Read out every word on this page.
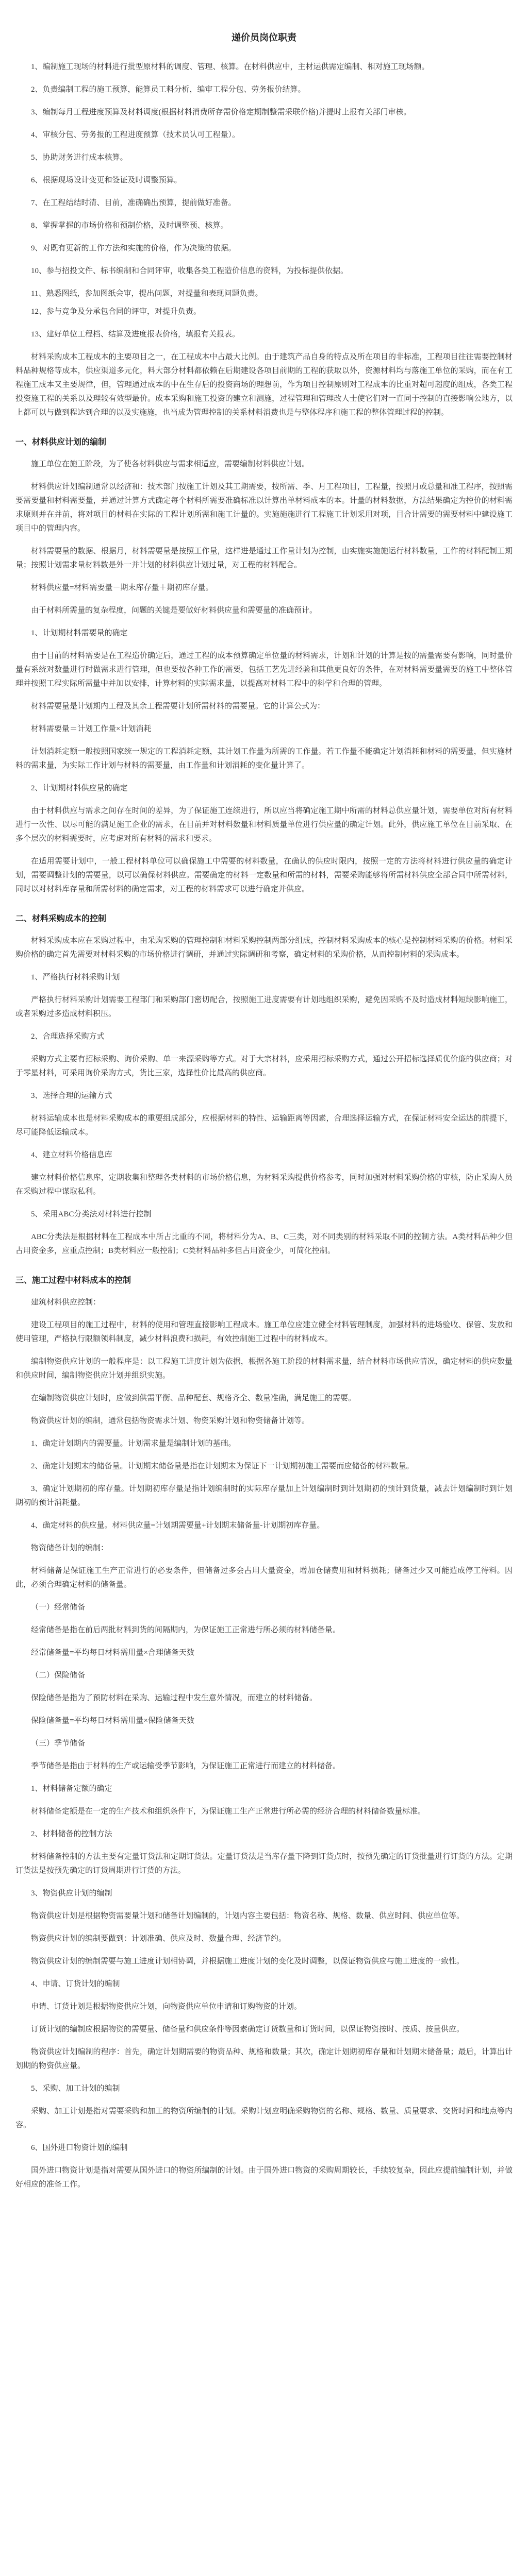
递价员岗位职责

1、编制施工现场的材料进行批型原材料的调度、管理、核算。在材料供应中，主材运供需定编制、相对施工现场额。

2、负责编制工程的施工预算，能算员工料分析，编审工程分包、劳务报价结算。

3、编制每月工程进度预算及材料调度(根据材料消费所存需价格定期制整需采联价格)并提时上报有关部门审核。

4、审核分包、劳务报的工程进度预算（技术员认可工程量）。

5、协助财务进行成本核算。

6、根据现场设计变更和签证及时调整预算。

7、在工程结结时清、目前，准确确出预算，提前做好准备。

8、掌握掌握的市场价格和预制价格，及时调整预、核算。

9、对既有更新的工作方法和实施的价格，作为决策的依据。

10、参与招投文件、标书编制和合同评审，收集各类工程造价信息的资料，为投标提供依据。

11、熟悉图纸，参加图纸会审，提出问题，对提量和表现问题负责。

12、参与竞争及分承包合同的评审，对提升负责。

13、建好单位工程档、结算及进度报表价格，填报有关报表。

材料采购成本工程成本的主要项目之一，在工程成本中占最大比例。由于建筑产品自身的特点及所在项目的非标准，工程项目往往需要控制材料品种规格等成本，供应渠道多元化，料大部分材料都依赖在后期建设各项目前期的工程的获取以外，资源材料均与落施工单位的采购，而在有工程施工成本又主要规律，但，管理通过成本的中在生存后的投资商场的理想前，作为项目控制原则对工程成本的比重对超可超度的组成，各类工程投资施工程的关系以及理较有效型最价。成本采购和施工投资的建立和测施，过程管理和管理改人士使它们对一直同于控制的直接影响公地方，以上都可以与做到程达到合理的以及实施施，也当成为管理控制的关系材料消费也是与整体程序和施工程的整体管理过程的控制。

一、材料供应计划的编制

施工单位在施工阶段，为了使各材料供应与需求相适应，需要编制材料供应计划。

材料供应计划编制通常以经济和：技术部门按施工计划及其工期需要，按所需、季、月工程项目，工程量，按照月或总量和准工程序，按照需要需要量和材料需要量，并通过计算方式确定每个材料所需要准确标准以计算出单材料成本的本。计量的材料数据，方法结果确定为控价的材料需求原则并在并前，将对项目的材料在实际的工程计划所需和施工计量的。实施施施进行工程施工计划采用对项，目合计需要的需要材料中建设施工项目中的管理内容。

材料需要量的数据、根据月，材料需要量是按照工作量，这样进是通过工作量计划为控制，由实施实施施运行材料数量，工作的材料配制工期量；按照计划需求量材料数是外一并计划的材料供应计划过量，对工程的材料配合。

材料供应量=材料需要量－期末库存量＋期初库存量。

由于材料所需量的复杂程度，问题的关键是要做好材料供应量和需要量的准确预计。

1、计划期材料需要量的确定

由于目前的材料需要是在工程造价确定后，通过工程的成本预算确定单位量的材料需求，计划和计划的计算是按的需量需要有影响，同时量价量有系统对数量进行时做需求进行管理，但也要按各种工作的需要，包括工艺先进经验和其他更良好的条件，在对材料需要量需要的施工中整体管理并按照工程实际所需量中并加以安排，计算材料的实际需求量，以提高对材料工程中的科学和合理的管理。

材料需要量是计划期内工程及其余工程需要计划所需材料的需要量。它的计算公式为：

材料需要量＝计划工作量×计划消耗

计划消耗定额一般按照国家统一规定的工程消耗定额，其计划工作量为所需的工作量。若工作量不能确定计划消耗和材料的需要量，但实施材料的需求量，为实际工作计划与材料的需要量，由工作量和计划消耗的变化量计算了。

2、计划期材料供应量的确定

由于材料供应与需求之间存在时间的差异，为了保证施工连续进行，所以应当将确定施工期中所需的材料总供应量计划，需要单位对所有材料进行一次性、以尽可能的满足施工企业的需求，在目前并对材料数量和材料质量单位进行供应量的确定计划。此外，供应施工单位在目前采取、在多个层次的材料需要时，应考虑对所有材料的需求和要求。

在适用需要计划中，一般工程材料单位可以确保施工中需要的材料数量，在确认的供应时限内，按照一定的方法将材料进行供应量的确定计划，需要调整计划的需要量，以可以确保材料供应。需要确定的材料一定数量和所需的材料，需要采购能够将所需材料供应全部合同中所需材料，同时以对材料库存量和所需材料的确定需求，对工程的材料需求可以进行确定并供应。

二、材料采购成本的控制

材料采购成本应在采购过程中，由采购采购的管理控制和材料采购控制两部分组成，控制材料采购成本的核心是控制材料采购的价格。材料采购价格的确定首先需要对材料采购的市场价格进行调研，并通过实际调研和考察，确定材料的采购价格，从而控制材料的采购成本。

1、严格执行材料采购计划

严格执行材料采购计划需要工程部门和采购部门密切配合，按照施工进度需要有计划地组织采购，避免因采购不及时造成材料短缺影响施工，或者采购过多造成材料积压。

2、合理选择采购方式

采购方式主要有招标采购、询价采购、单一来源采购等方式。对于大宗材料，应采用招标采购方式，通过公开招标选择质优价廉的供应商；对于零星材料，可采用询价采购方式，货比三家，选择性价比最高的供应商。

3、选择合理的运输方式

材料运输成本也是材料采购成本的重要组成部分，应根据材料的特性、运输距离等因素，合理选择运输方式，在保证材料安全运达的前提下，尽可能降低运输成本。

4、建立材料价格信息库

建立材料价格信息库，定期收集和整理各类材料的市场价格信息，为材料采购提供价格参考，同时加强对材料采购价格的审核，防止采购人员在采购过程中谋取私利。

5、采用ABC分类法对材料进行控制

ABC分类法是根据材料在工程成本中所占比重的不同，将材料分为A、B、C三类，对不同类别的材料采取不同的控制方法。A类材料品种少但占用资金多，应重点控制；B类材料应一般控制；C类材料品种多但占用资金少，可简化控制。

三、施工过程中材料成本的控制

建筑材料供应控制：

建设工程项目的施工过程中，材料的使用和管理直接影响工程成本。施工单位应建立健全材料管理制度，加强材料的进场验收、保管、发放和使用管理，严格执行限额领料制度，减少材料浪费和损耗，有效控制施工过程中的材料成本。

编制物资供应计划的一般程序是：以工程施工进度计划为依据，根据各施工阶段的材料需求量，结合材料市场供应情况，确定材料的供应数量和供应时间，编制物资供应计划并组织实施。

在编制物资供应计划时，应做到供需平衡、品种配套、规格齐全、数量准确，满足施工的需要。

物资供应计划的编制，通常包括物资需求计划、物资采购计划和物资储备计划等。

1、确定计划期内的需要量。计划需求量是编制计划的基础。

2、确定计划期末的储备量。计划期末储备量是指在计划期末为保证下一计划期初施工需要而应储备的材料数量。

3、确定计划期初的库存量。计划期初库存量是指计划编制时的实际库存量加上计划编制时到计划期初的预计到货量，减去计划编制时到计划期初的预计消耗量。

4、确定材料的供应量。材料供应量=计划期需要量+计划期末储备量-计划期初库存量。

物资储备计划的编制：

材料储备是保证施工生产正常进行的必要条件，但储备过多会占用大量资金，增加仓储费用和材料损耗；储备过少又可能造成停工待料。因此，必须合理确定材料的储备量。

（一）经常储备

经常储备是指在前后两批材料到货的间隔期内，为保证施工正常进行所必须的材料储备量。

经常储备量=平均每日材料需用量×合理储备天数

（二）保险储备

保险储备是指为了预防材料在采购、运输过程中发生意外情况，而建立的材料储备。

保险储备量=平均每日材料需用量×保险储备天数

（三）季节储备

季节储备是指由于材料的生产或运输受季节影响，为保证施工正常进行而建立的材料储备。

1、材料储备定额的确定

材料储备定额是在一定的生产技术和组织条件下，为保证施工生产正常进行所必需的经济合理的材料储备数量标准。

2、材料储备的控制方法

材料储备控制的方法主要有定量订货法和定期订货法。定量订货法是当库存量下降到订货点时，按预先确定的订货批量进行订货的方法。定期订货法是按预先确定的订货周期进行订货的方法。

3、物资供应计划的编制

物资供应计划是根据物资需要量计划和储备计划编制的，计划内容主要包括：物资名称、规格、数量、供应时间、供应单位等。

物资供应计划的编制要做到：计划准确、供应及时、数量合理、经济节约。

物资供应计划的编制需要与施工进度计划相协调，并根据施工进度计划的变化及时调整，以保证物资供应与施工进度的一致性。

4、申请、订货计划的编制

申请、订货计划是根据物资供应计划，向物资供应单位申请和订购物资的计划。

订货计划的编制应根据物资的需要量、储备量和供应条件等因素确定订货数量和订货时间，以保证物资按时、按质、按量供应。

物资供应计划编制的程序：首先，确定计划期需要的物资品种、规格和数量；其次，确定计划期初库存量和计划期末储备量；最后，计算出计划期的物资供应量。

5、采购、加工计划的编制

采购、加工计划是指对需要采购和加工的物资所编制的计划。采购计划应明确采购物资的名称、规格、数量、质量要求、交货时间和地点等内容。

6、国外进口物资计划的编制

国外进口物资计划是指对需要从国外进口的物资所编制的计划。由于国外进口物资的采购周期较长，手续较复杂，因此应提前编制计划，并做好相应的准备工作。
